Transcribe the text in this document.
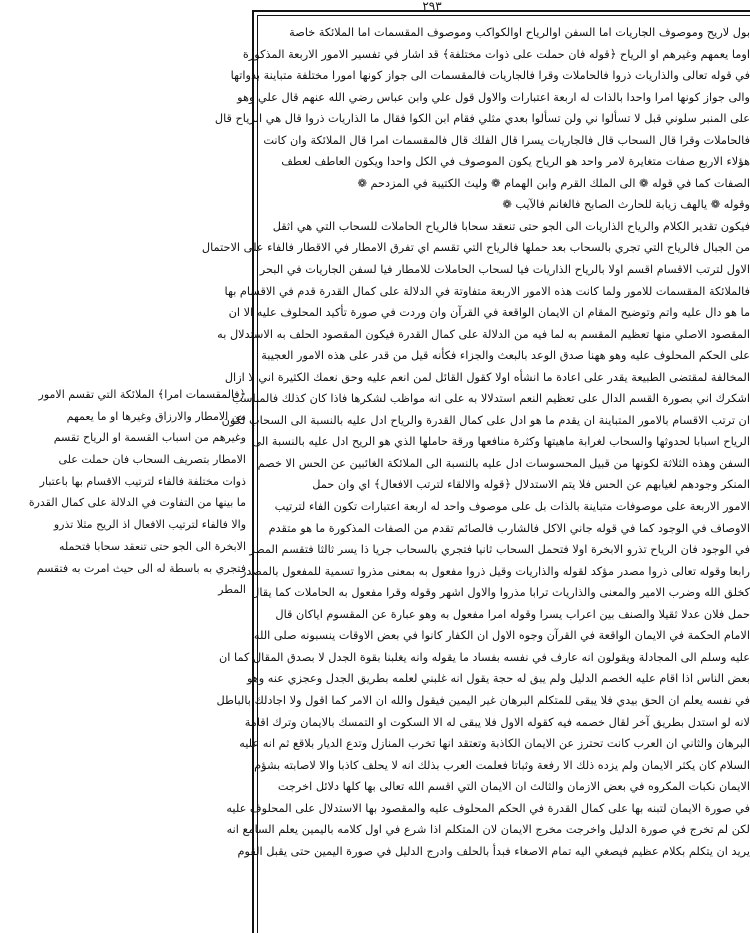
٢٩٣
بول لاريح وموصوف الجاريات اما السفن اوالرياح اوالكواكب وموصوف المقسمات اما الملائكة خاصة
اوما يعمهم وغيرهم او الرياح ﴿قوله فان حملت على ذوات مختلفة﴾ قد اشار في تفسير الامور الاربعة المذكورة
في قوله تعالى والذاريات ذروا فالحاملات وقرا فالجاريات فالمقسمات الى جواز كونها امورا مختلفة متباينة بذواتها
والى جواز كونها امرا واحدا بالذات له اربعة اعتبارات والاول قول علي وابن عباس رضي الله عنهم قال علي وهو
على المنبر سلوني قبل لا تسألوا ني ولن تسألوا بعدي مثلي فقام ابن الكوا فقال ما الذاريات ذروا قال هي الرياح قال
فالحاملات وقرا قال السحاب قال فالجاريات يسرا قال الفلك قال فالمقسمات امرا قال الملائكة وان كانت
هؤلاء الاربع صفات متغايرة لامر واحد هو الرياح يكون الموصوف في الكل واحدا ويكون العاطف لعطف
الصفات كما في قوله ❁ الى الملك القرم وابن الهمام ❁ وليث الكتيبة في المزدحم ❁
وقوله ❁ يالهف زيابة للحارث الصابح فالغانم فالآيب ❁
فيكون تقدير الكلام والرياح الذاريات الى الجو حتى تنعقد سحابا فالرياح الحاملات للسحاب التي هي اثقل
من الجبال فالرياح التي تجري بالسحاب بعد حملها فالرياح التي تقسم اي تفرق الامطار في الاقطار فالفاء على الاحتمال
الاول لترتب الاقسام اقسم اولا بالرياح الذاريات فيا لسحاب الحاملات للامطار فيا لسفن الجاريات في البحر
فالملائكة المقسمات للامور ولما كانت هذه الامور الاربعة متفاوتة في الدلالة على كمال القدرة قدم في الاقسام بها
ما هو دال عليه واتم وتوضيح المقام ان الايمان الواقعة في القرآن وان وردت في صورة تأكيد المحلوف عليه الا ان
المقصود الاصلي منها تعظيم المقسم به لما فيه من الدلالة على كمال القدرة فيكون المقصود الحلف به الاستدلال به
على الحكم المحلوف عليه وهو ههنا صدق الوعد بالبعث والجزاء فكأنه قيل من قدر على هذه الامور العجيبة
المخالفة لمقتضى الطبيعة يقدر على اعادة ما انشأه اولا كقول القائل لمن انعم عليه وحق نعمك الكثيرة اني لا ازال
اشكرك اني بصورة القسم الدال على تعظيم النعم استدلالا به على انه مواظب لشكرها فاذا كان كذلك فالمناسب
ان ترتب الاقسام بالامور المتباينة ان يقدم ما هو ادل على كمال القدرة والرياح ادل عليه بالنسبة الى السحاب لكون
الرياح اسبابا لحدوثها والسحاب لغرابة ماهيتها وكثرة منافعها ورقة حاملها الذي هو الريح ادل عليه بالنسبة الى
السفن وهذه الثلاثة لكونها من قبيل المحسوسات ادل عليه بالنسبة الى الملائكة الغائبين عن الحس الا خصم
المنكر وجودهم لغيابهم عن الحس فلا يتم الاستدلال ﴿قوله والالقاء لترتب الافعال﴾ اي وان حمل
الامور الاربعة على موصوفات متباينة بالذات بل على موصوف واحد له اربعة اعتبارات تكون الفاء لترتيب
الاوصاف في الوجود كما في قوله جاني الاكل فالشارب فالصائم تقدم من الصفات المذكورة ما هو متقدم
في الوجود فان الرياح تذرو الابخرة اولا فتحمل السحاب ثانيا فتجري بالسحاب جريا ذا يسر ثالثا فتقسم المطر
رابعا وقوله تعالى ذروا مصدر مؤكد لقوله والذاريات وقيل ذروا مفعول به بمعنى مذروا تسمية للمفعول بالمصدر
كخلق الله وضرب الامير والمعنى والذاريات ترابا مذروا والاول اشهر وقوله وقرا مفعول به الحاملات كما يقال
حمل فلان عدلا ثقيلا والصنف بين اعراب يسرا وقوله امرا مفعول به وهو عبارة عن المقسوم اياكان قال
الامام الحكمة في الايمان الواقعة في القرآن وجوه الاول ان الكفار كانوا في بعض الاوقات ينسبونه صلى الله
عليه وسلم الى المجادلة ويقولون انه عارف في نفسه بفساد ما يقوله وانه يغلبنا بقوة الجدل لا بصدق المقال كما ان
بعض الناس اذا اقام عليه الخصم الدليل ولم يبق له حجة يقول انه غلبني لعلمه بطريق الجدل وعجزي عنه وهو
في نفسه يعلم ان الحق بيدي فلا يبقى للمتكلم البرهان غير اليمين فيقول والله ان الامر كما اقول ولا اجادلك بالباطل
لانه لو استدل بطريق آخر لقال خصمه فيه كقوله الاول فلا يبقى له الا السكوت او التمسك بالايمان وترك اقامة
البرهان والثاني ان العرب كانت تحترز عن الايمان الكاذبة وتعتقد انها تخرب المنازل وتدع الديار بلاقع ثم انه عليه
السلام كان يكثر الايمان ولم يزده ذلك الا رفعة وثباتا فعلمت العرب بذلك انه لا يحلف كاذبا والا لاصابته بشؤم
الايمان نكبات المكروه في بعض الازمان والثالث ان الايمان التي اقسم الله تعالى بها كلها دلائل اخرجت
في صورة الايمان لتبنه بها على كمال القدرة في الحكم المحلوف عليه والمقصود بها الاستدلال على المحلوف عليه
لكن لم تخرج في صورة الدليل واخرجت مخرج الايمان لان المتكلم اذا شرع في اول كلامه باليمين يعلم السامع انه
يريد ان يتكلم بكلام عظيم فيصغي اليه تمام الاصغاء فبدأ بالحلف وادرج الدليل في صورة اليمين حتى يقبل القوم
﴿فالمقسمات امرا﴾ الملائكة التي تقسم الامور
من الامطار والارزاق وغيرها او ما يعمهم
وغيرهم من اسباب القسمة او الرياح تقسم
الامطار بتصريف السحاب فان حملت على
ذوات مختلفة فالفاء لترتيب الاقسام بها باعتبار
ما بينها من التفاوت في الدلالة على كمال القدرة
والا فالفاء لترتيب الافعال اذ الريح مثلا تذرو
الابخرة الى الجو حتى تنعقد سحابا فتحمله
فتجري به باسطة له الى حيث امرت به فتقسم
المطر
